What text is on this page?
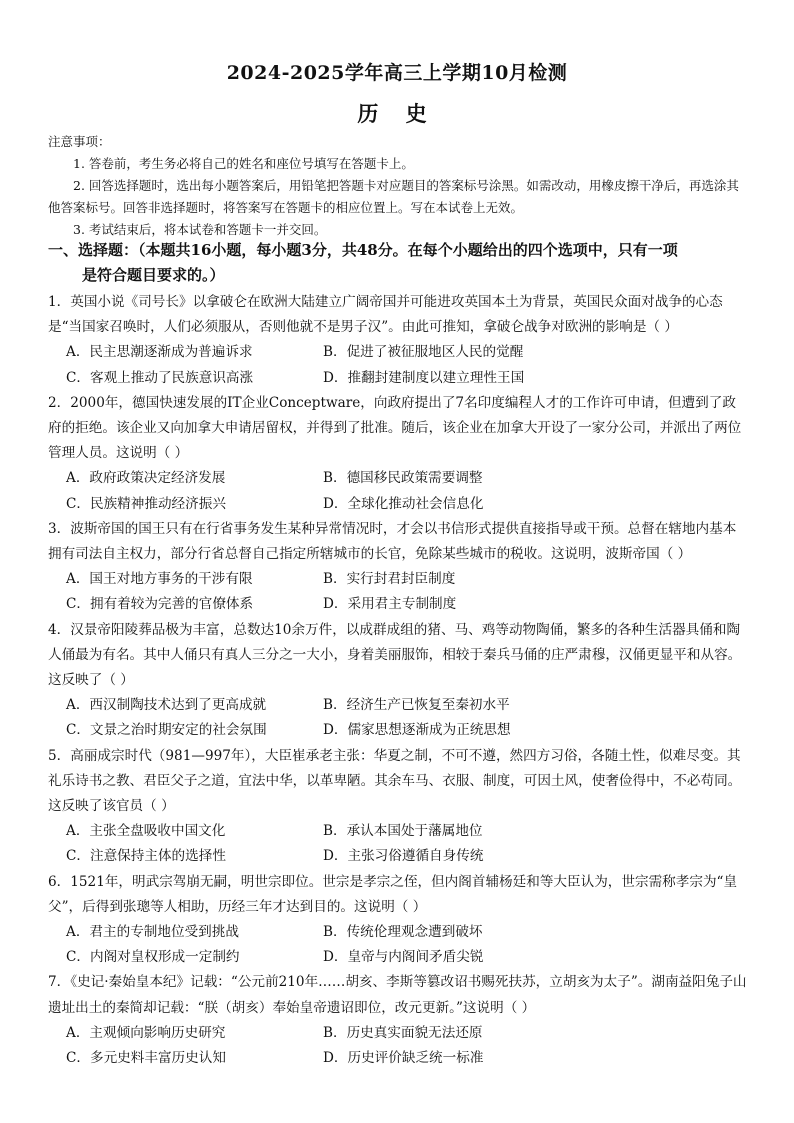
2024-2025学年高三上学期10月检测
历 史
注意事项：

1. 答卷前，考生务必将自己的姓名和座位号填写在答题卡上。

2. 回答选择题时，选出每小题答案后，用铅笔把答题卡对应题目的答案标号涂黑。如需改动，用橡皮擦干净后，再选涂其他答案标号。回答非选择题时，将答案写在答题卡的相应位置上。写在本试卷上无效。

3. 考试结束后，将本试卷和答题卡一并交回。

一、选择题：（本题共16小题，每小题3分，共48分。在每个小题给出的四个选项中，只有一项
是符合题目要求的。）

1．英国小说《司号长》以拿破仑在欧洲大陆建立广阔帝国并可能进攻英国本土为背景，英国民众面对战争的心态是“当国家召唤时，人们必须服从，否则他就不是男子汉”。由此可推知，拿破仑战争对欧洲的影响是（ ）

A．民主思潮逐渐成为普遍诉求	B．促进了被征服地区人民的觉醒
C．客观上推动了民族意识高涨	D．推翻封建制度以建立理性王国

2．2000年，德国快速发展的IT企业Conceptware，向政府提出了7名印度编程人才的工作许可申请，但遭到了政府的拒绝。该企业又向加拿大申请居留权，并得到了批准。随后，该企业在加拿大开设了一家分公司，并派出了两位管理人员。这说明（ ）

A．政府政策决定经济发展	B．德国移民政策需要调整
C．民族精神推动经济振兴	D．全球化推动社会信息化

3．波斯帝国的国王只有在行省事务发生某种异常情况时，才会以书信形式提供直接指导或干预。总督在辖地内基本拥有司法自主权力，部分行省总督自己指定所辖城市的长官，免除某些城市的税收。这说明，波斯帝国（ ）

A．国王对地方事务的干涉有限	B．实行封君封臣制度
C．拥有着较为完善的官僚体系	D．采用君主专制制度

4．汉景帝阳陵葬品极为丰富，总数达10余万件，以成群成组的猪、马、鸡等动物陶俑，繁多的各种生活器具俑和陶人俑最为有名。其中人俑只有真人三分之一大小，身着美丽服饰，相较于秦兵马俑的庄严肃穆，汉俑更显平和从容。这反映了（ ）

A．西汉制陶技术达到了更高成就	B．经济生产已恢复至秦初水平
C．文景之治时期安定的社会氛围	D．儒家思想逐渐成为正统思想

5．高丽成宗时代（981—997年），大臣崔承老主张：华夏之制，不可不遵，然四方习俗，各随土性，似难尽变。其礼乐诗书之教、君臣父子之道，宜法中华，以革卑陋。其余车马、衣服、制度，可因土风，使奢俭得中，不必苟同。这反映了该官员（ ）

A．主张全盘吸收中国文化	B．承认本国处于藩属地位
C．注意保持主体的选择性	D．主张习俗遵循自身传统

6．1521年，明武宗驾崩无嗣，明世宗即位。世宗是孝宗之侄，但内阁首辅杨廷和等大臣认为，世宗需称孝宗为“皇父”，后得到张璁等人相助，历经三年才达到目的。这说明（ ）

A．君主的专制地位受到挑战	B．传统伦理观念遭到破坏
C．内阁对皇权形成一定制约	D．皇帝与内阁间矛盾尖锐

7．《史记·秦始皇本纪》记载：“公元前210年……胡亥、李斯等篡改诏书赐死扶苏，立胡亥为太子”。湖南益阳兔子山遗址出土的秦简却记载：“朕（胡亥）奉始皇帝遗诏即位，改元更新。”这说明（ ）

A．主观倾向影响历史研究	B．历史真实面貌无法还原
C．多元史料丰富历史认知	D．历史评价缺乏统一标准
